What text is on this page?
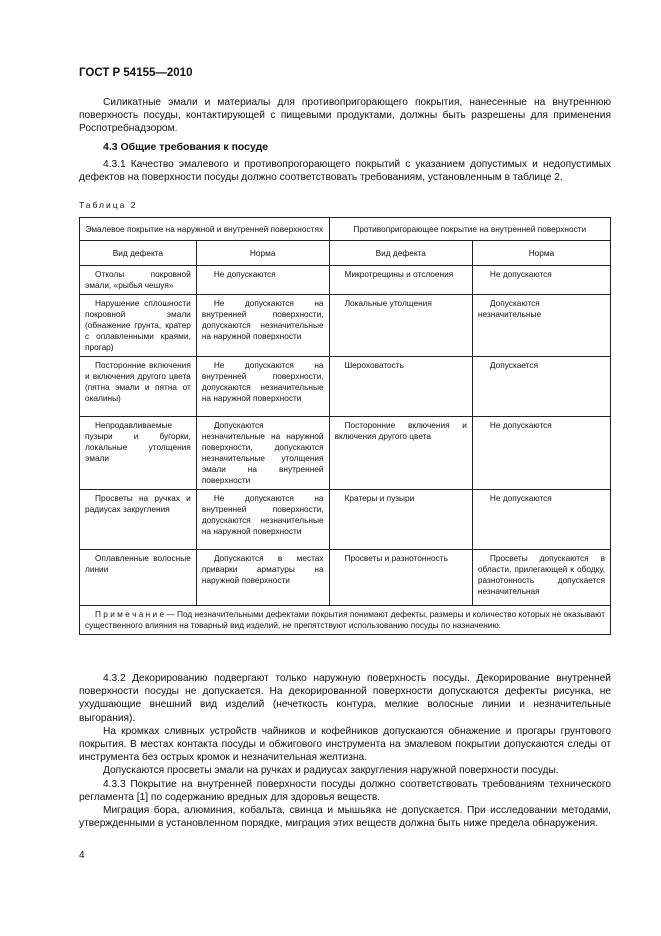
ГОСТ Р 54155—2010

Силикатные эмали и материалы для противопригорающего покрытия, нанесенные на внутреннюю поверхность посуды, контактирующей с пищевыми продуктами, должны быть разрешены для применения Роспотребнадзором.

4.3 Общие требования к посуде

4.3.1 Качество эмалевого и противопрогорающего покрытий с указанием допустимых и недопустимых дефектов на поверхности посуды должно соответствовать требованиям, установленным в таблице 2.

Таблица 2
Эмалевое покрытие на наружной и внутренней поверхностях		Противопригорающее покрытие на внутренней поверхности	
Вид дефекта	Норма	Вид дефекта	Норма
Отколы покровной эмали, «рыбья чешуя»	Не допускаются	Микротрещины и отслоения	Не допускаются
Нарушение сплошности покровной эмали (обнажение грунта, кратер с оплавленными краями, прогар)	Не допускаются на внутренней поверхности, допускаются незначительные на наружной поверхности	Локальные утолщения	Допускаются незначительные
Посторонние включения и включения другого цвета (пятна эмали и пятна от окалины)	Не допускаются на внутренней поверхности, допускаются незначительные на наружной поверхности	Шероховатость	Допускается
Непродавливаемые пузыри и бугорки, локальные утолщения эмали	Допускаются незначительные на наружной поверхности, допускаются незначительные утолщения эмали на внутренней поверхности	Посторонние включения и включения другого цвета	Не допускаются
Просветы на ручках и радиусах закругления	Не допускаются на внутренней поверхности, допускаются незначительные на наружной поверхности	Кратеры и пузыри	Не допускаются
Оплавленные волосные линии	Допускаются в местах приварки арматуры на наружной поверхности	Просветы и разнотонность	Просветы допускаются в области, прилегающей к ободку, разнотонность допускается незначительная
П р и м е ч а н и е — Под незначительными дефектами покрытия понимают дефекты, размеры и количество которых не оказывают существенного влияния на товарный вид изделий, не препятствуют использованию посуды по назначению.			

4.3.2 Декорированию подвергают только наружную поверхность посуды. Декорирование внутренней поверхности посуды не допускается. На декорированной поверхности допускаются дефекты рисунка, не ухудшающие внешний вид изделий (нечеткость контура, мелкие волосные линии и незначительные выгорания).

На кромках сливных устройств чайников и кофейников допускаются обнажение и прогары грунтового покрытия. В местах контакта посуды и обжигового инструмента на эмалевом покрытии допускаются следы от инструмента без острых кромок и незначительная желтизна.

Допускаются просветы эмали на ручках и радиусах закругления наружной поверхности посуды.

4.3.3 Покрытие на внутренней поверхности посуды должно соответствовать требованиям технического регламента [1] по содержанию вредных для здоровья веществ.

Миграция бора, алюминия, кобальта, свинца и мышьяка не допускается. При исследовании методами, утвержденными в установленном порядке, миграция этих веществ должна быть ниже предела обнаружения.

4
